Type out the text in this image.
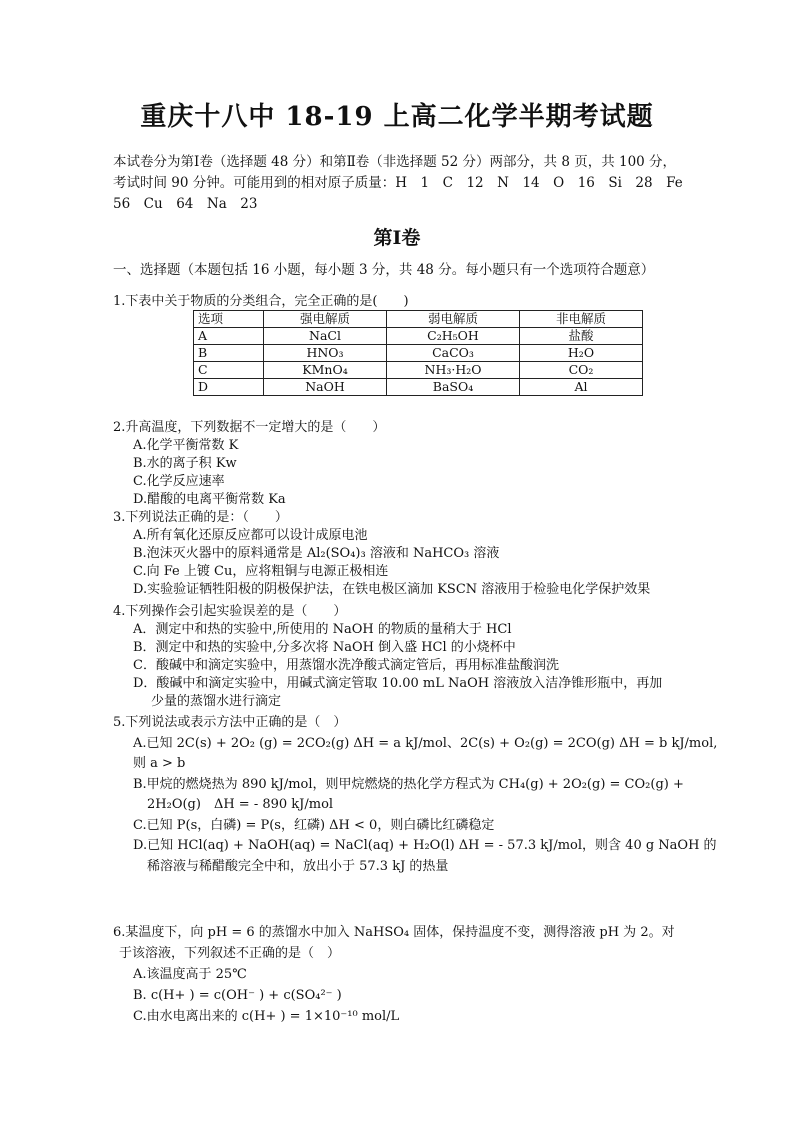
重庆十八中 18-19 上高二化学半期考试题

本试卷分为第Ⅰ卷（选择题 48 分）和第Ⅱ卷（非选择题 52 分）两部分，共 8 页，共 100 分，

考试时间 90 分钟。可能用到的相对原子质量：H　1　C　12　N　14　O　16　Si　28　Fe

56　Cu　64　Na　23

第Ⅰ卷
一、选择题（本题包括 16 小题，每小题 3 分，共 48 分。每小题只有一个选项符合题意）

1.下表中关于物质的分类组合，完全正确的是(　　)

选项	强电解质	弱电解质	非电解质
A	NaCl	C₂H₅OH	盐酸
B	HNO₃	CaCO₃	H₂O
C	KMnO₄	NH₃·H₂O	CO₂
D	NaOH	BaSO₄	Al

2.升高温度，下列数据不一定增大的是（　　）

A.化学平衡常数 K

B.水的离子积 Kw

C.化学反应速率

D.醋酸的电离平衡常数 Ka

3.下列说法正确的是：（　　）

A.所有氧化还原反应都可以设计成原电池

B.泡沫灭火器中的原料通常是 Al₂(SO₄)₃ 溶液和 NaHCO₃ 溶液

C.向 Fe 上镀 Cu，应将粗铜与电源正极相连

D.实验验证牺牲阳极的阴极保护法，在铁电极区滴加 KSCN 溶液用于检验电化学保护效果

4.下列操作会引起实验误差的是（　　）

A．测定中和热的实验中,所使用的 NaOH 的物质的量稍大于 HCl

B．测定中和热的实验中,分多次将 NaOH 倒入盛 HCl 的小烧杯中

C．酸碱中和滴定实验中，用蒸馏水洗净酸式滴定管后，再用标准盐酸润洗

D．酸碱中和滴定实验中，用碱式滴定管取 10.00 mL NaOH 溶液放入洁净锥形瓶中，再加

少量的蒸馏水进行滴定

5.下列说法或表示方法中正确的是（　）

A.已知 2C(s) + 2O₂ (g) = 2CO₂(g) ΔH = a kJ/mol、2C(s) + O₂(g) = 2CO(g) ΔH = b kJ/mol,

则 a > b

B.甲烷的燃烧热为 890 kJ/mol，则甲烷燃烧的热化学方程式为 CH₄(g) + 2O₂(g) = CO₂(g) +

2H₂O(g)　ΔH = - 890 kJ/mol

C.已知 P(s，白磷) = P(s，红磷) ΔH < 0，则白磷比红磷稳定

D.已知 HCl(aq) + NaOH(aq) = NaCl(aq) + H₂O(l) ΔH = - 57.3 kJ/mol，则含 40 g NaOH 的

稀溶液与稀醋酸完全中和，放出小于 57.3 kJ 的热量

6.某温度下，向 pH = 6 的蒸馏水中加入 NaHSO₄ 固体，保持温度不变，测得溶液 pH 为 2。对

于该溶液，下列叙述不正确的是（　）

A.该温度高于 25℃

B. c(H+ ) = c(OH⁻ ) + c(SO₄²⁻ )

C.由水电离出来的 c(H+ ) = 1×10⁻¹⁰ mol/L
